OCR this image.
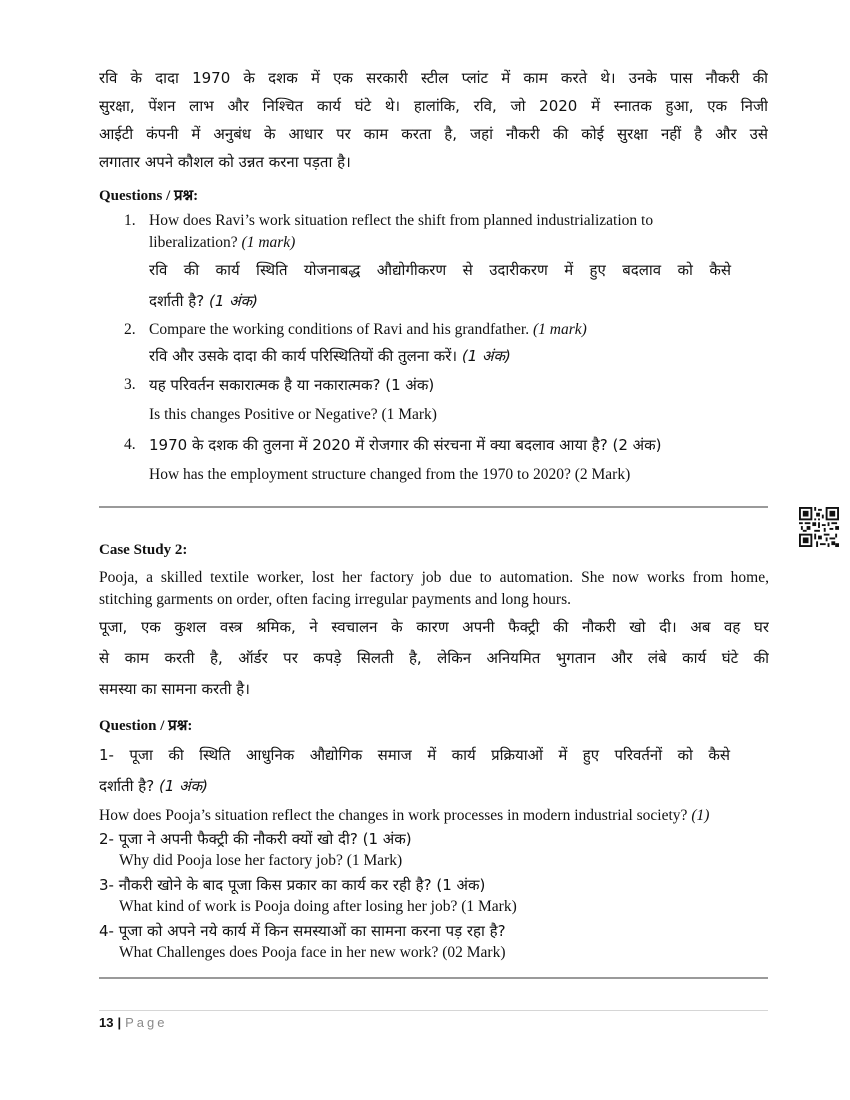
रवि के दादा 1970 के दशक में एक सरकारी स्टील प्लांट में काम करते थे। उनके पास नौकरी की
सुरक्षा, पेंशन लाभ और निश्चित कार्य घंटे थे। हालांकि, रवि, जो 2020 में स्नातक हुआ, एक निजी
आईटी कंपनी में अनुबंध के आधार पर काम करता है, जहां नौकरी की कोई सुरक्षा नहीं है और उसे
लगातार अपने कौशल को उन्नत करना पड़ता है।
Questions / प्रश्न:
1. How does Ravi’s work situation reflect the shift from planned industrialization to
liberalization? (1 mark)
रवि की कार्य स्थिति योजनाबद्ध औद्योगीकरण से उदारीकरण में हुए बदलाव को कैसे
दर्शाती है? (1 अंक)
2. Compare the working conditions of Ravi and his grandfather. (1 mark)
रवि और उसके दादा की कार्य परिस्थितियों की तुलना करें। (1 अंक)
3. यह परिवर्तन सकारात्मक है या नकारात्मक? (1 अंक)
Is this changes Positive or Negative? (1 Mark)
4. 1970 के दशक की तुलना में 2020 में रोजगार की संरचना में क्या बदलाव आया है? (2 अंक)
How has the employment structure changed from the 1970 to 2020? (2 Mark)
Case Study 2:
Pooja, a skilled textile worker, lost her factory job due to automation. She now works from home,
stitching garments on order, often facing irregular payments and long hours.
पूजा, एक कुशल वस्त्र श्रमिक, ने स्वचालन के कारण अपनी फैक्ट्री की नौकरी खो दी। अब वह घर
से काम करती है, ऑर्डर पर कपड़े सिलती है, लेकिन अनियमित भुगतान और लंबे कार्य घंटे की
समस्या का सामना करती है।
Question / प्रश्न:
1- पूजा की स्थिति आधुनिक औद्योगिक समाज में कार्य प्रक्रियाओं में हुए परिवर्तनों को कैसे
दर्शाती है? (1 अंक)
How does Pooja’s situation reflect the changes in work processes in modern industrial society? (1)
2- पूजा ने अपनी फैक्ट्री की नौकरी क्यों खो दी? (1 अंक)
Why did Pooja lose her factory job? (1 Mark)
3- नौकरी खोने के बाद पूजा किस प्रकार का कार्य कर रही है? (1 अंक)
What kind of work is Pooja doing after losing her job? (1 Mark)
4- पूजा को अपने नये कार्य में किन समस्याओं का सामना करना पड़ रहा है?
What Challenges does Pooja face in her new work? (02 Mark)
13 | Page
